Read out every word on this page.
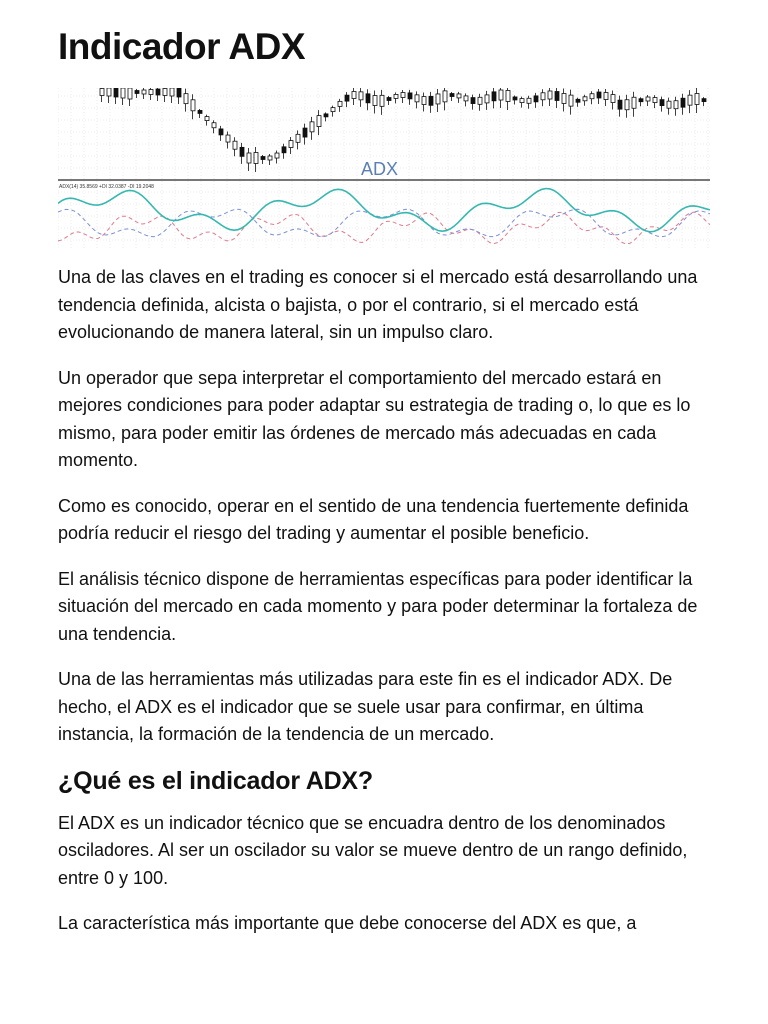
Indicador ADX
ADX
ADX(14) 35.8569 +DI 32.0387 -DI 19.2048

Una de las claves en el trading es conocer si el mercado está desarrollando una tendencia definida, alcista o bajista, o por el contrario, si el mercado está evolucionando de manera lateral, sin un impulso claro.

Un operador que sepa interpretar el comportamiento del mercado estará en mejores condiciones para poder adaptar su estrategia de trading o, lo que es lo mismo, para poder emitir las órdenes de mercado más adecuadas en cada momento.

Como es conocido, operar en el sentido de una tendencia fuertemente definida podría reducir el riesgo del trading y aumentar el posible beneficio.

El análisis técnico dispone de herramientas específicas para poder identificar la situación del mercado en cada momento y para poder determinar la fortaleza de una tendencia.

Una de las herramientas más utilizadas para este fin es el indicador ADX. De hecho, el ADX es el indicador que se suele usar para confirmar, en última instancia, la formación de la tendencia de un mercado.

¿Qué es el indicador ADX?

El ADX es un indicador técnico que se encuadra dentro de los denominados osciladores. Al ser un oscilador su valor se mueve dentro de un rango definido, entre 0 y 100.

La característica más importante que debe conocerse del ADX es que, a
